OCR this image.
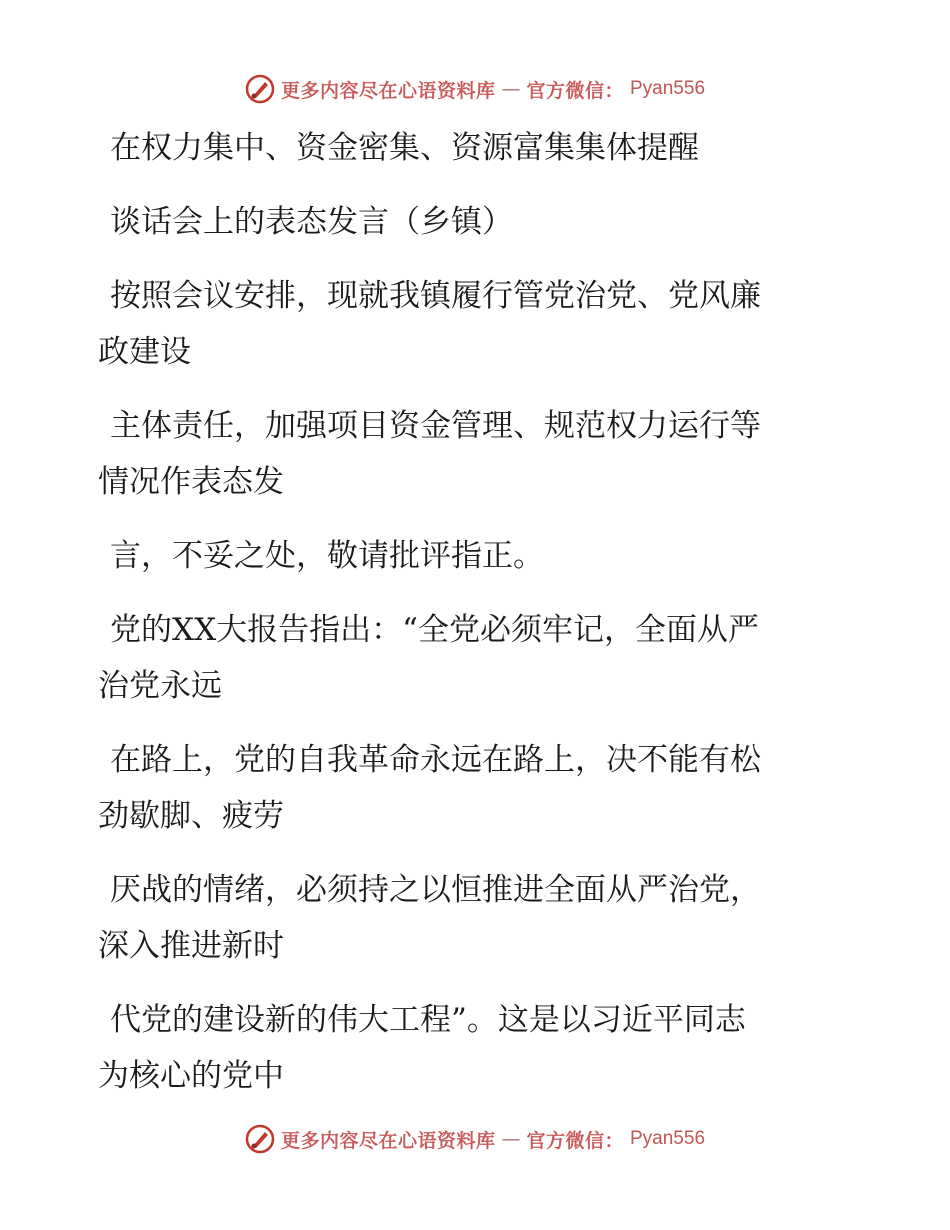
更多内容尽在心语资料库 — 官方微信： Pyan556

在权力集中、资金密集、资源富集集体提醒

谈话会上的表态发言（乡镇）

按照会议安排，现就我镇履行管党治党、党风廉

政建设

主体责任，加强项目资金管理、规范权力运行等

情况作表态发

言，不妥之处，敬请批评指正。

党的XX大报告指出：“全党必须牢记，全面从严

治党永远

在路上，党的自我革命永远在路上，决不能有松

劲歇脚、疲劳

厌战的情绪，必须持之以恒推进全面从严治党，

深入推进新时

代党的建设新的伟大工程”。这是以习近平同志

为核心的党中

更多内容尽在心语资料库 — 官方微信： Pyan556
